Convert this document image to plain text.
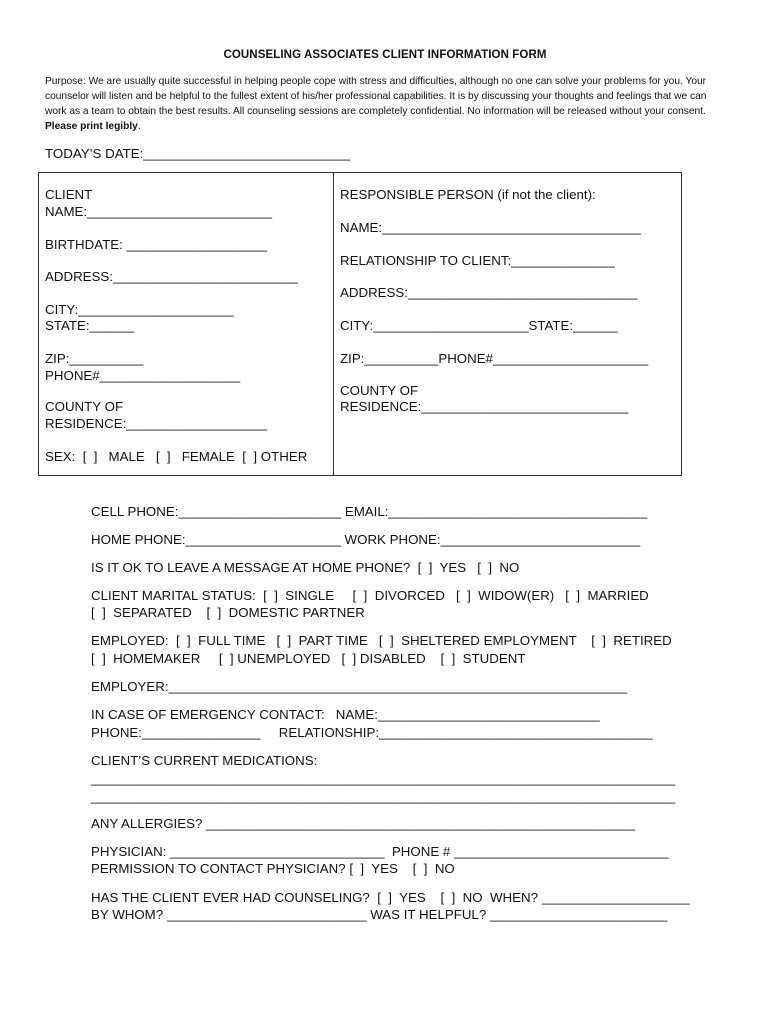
COUNSELING ASSOCIATES CLIENT INFORMATION FORM
Purpose: We are usually quite successful in helping people cope with stress and difficulties, although no one can solve your problems for you. Your counselor will listen and be helpful to the fullest extent of his/her professional capabilities. It is by discussing your thoughts and feelings that we can work as a team to obtain the best results. All counseling sessions are completely confidential. No information will be released without your consent. Please print legibly.
TODAY’S DATE:____________________________
CLIENT
NAME:_________________________
BIRTHDATE: ___________________
ADDRESS:_________________________
CITY:_____________________
STATE:______
ZIP:__________
PHONE#___________________
COUNTY OF
RESIDENCE:___________________
SEX:  [  ]   MALE   [  ]   FEMALE  [  ] OTHER
RESPONSIBLE PERSON (if not the client):
NAME:___________________________________
RELATIONSHIP TO CLIENT:______________
ADDRESS:_______________________________
CITY:_____________________STATE:______
ZIP:__________PHONE#_____________________
COUNTY OF
RESIDENCE:____________________________
CELL PHONE:______________________ EMAIL:___________________________________
HOME PHONE:_____________________ WORK PHONE:___________________________
IS IT OK TO LEAVE A MESSAGE AT HOME PHONE?  [  ]  YES   [  ]  NO
CLIENT MARITAL STATUS:  [  ]  SINGLE     [  ]  DIVORCED   [  ]  WIDOW(ER)   [  ]  MARRIED
[  ]  SEPARATED    [  ]  DOMESTIC PARTNER
EMPLOYED:  [  ]  FULL TIME   [  ]  PART TIME   [  ]  SHELTERED EMPLOYMENT    [  ]  RETIRED
[  ]  HOMEMAKER     [  ] UNEMPLOYED   [  ] DISABLED    [  ]  STUDENT
EMPLOYER:______________________________________________________________
IN CASE OF EMERGENCY CONTACT:   NAME:______________________________
PHONE:________________     RELATIONSHIP:_____________________________________
CLIENT’S CURRENT MEDICATIONS:
_______________________________________________________________________________
_______________________________________________________________________________
ANY ALLERGIES? __________________________________________________________
PHYSICIAN: _____________________________  PHONE # _____________________________
PERMISSION TO CONTACT PHYSICIAN? [  ]  YES    [  ]  NO
HAS THE CLIENT EVER HAD COUNSELING?  [  ]  YES    [  ]  NO  WHEN? ____________________
BY WHOM? ___________________________ WAS IT HELPFUL? ________________________
